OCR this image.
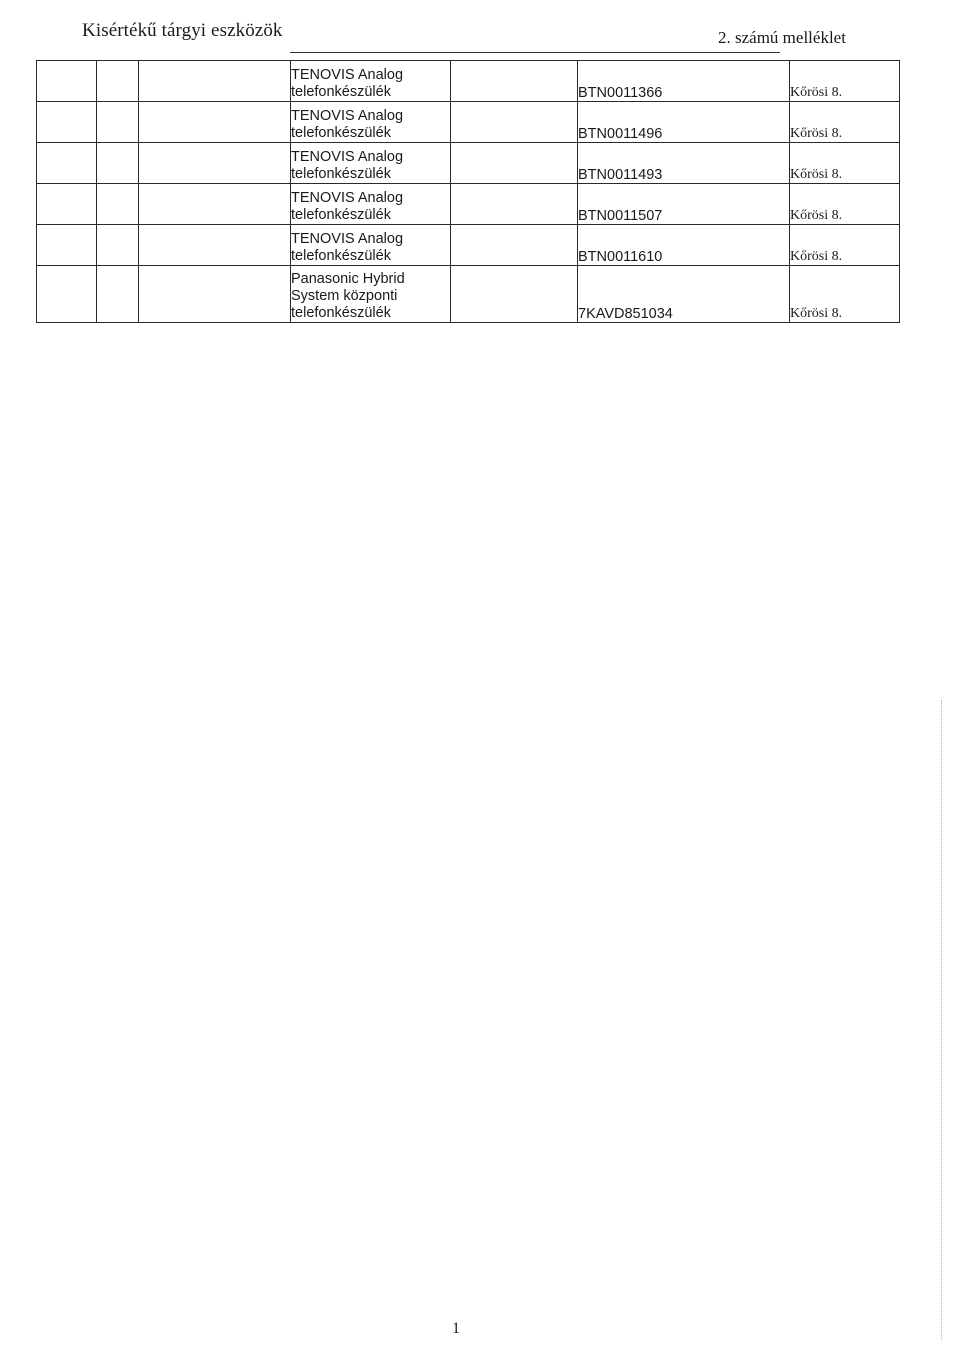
Kisértékű tárgyi eszközök	2. számú melléklet

			TENOVIS Analog
telefonkészülék		BTN0011366	Kőrösi 8.

			TENOVIS Analog
telefonkészülék		BTN0011496	Kőrösi 8.

			TENOVIS Analog
telefonkészülék		BTN0011493	Kőrösi 8.

			TENOVIS Analog
telefonkészülék		BTN0011507	Kőrösi 8.

			TENOVIS Analog
telefonkészülék		BTN0011610	Kőrösi 8.

			Panasonic Hybrid
System központi
telefonkészülék		7KAVD851034	Kőrösi 8.
1
